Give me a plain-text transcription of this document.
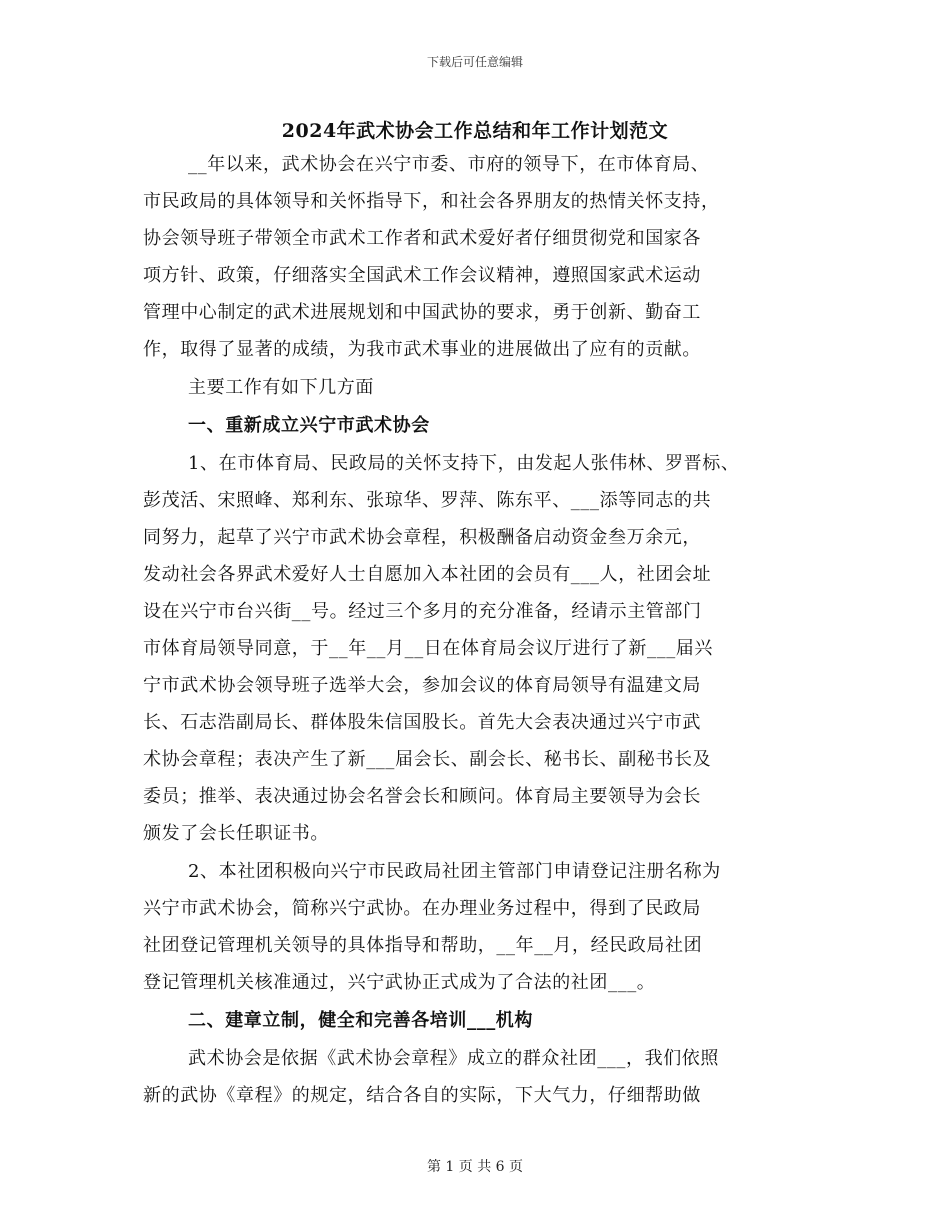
下载后可任意编辑
2024年武术协会工作总结和年工作计划范文
__年以来，武术协会在兴宁市委、市府的领导下，在市体育局、
市民政局的具体领导和关怀指导下，和社会各界朋友的热情关怀支持，
协会领导班子带领全市武术工作者和武术爱好者仔细贯彻党和国家各
项方针、政策，仔细落实全国武术工作会议精神，遵照国家武术运动
管理中心制定的武术进展规划和中国武协的要求，勇于创新、勤奋工
作，取得了显著的成绩，为我市武术事业的进展做出了应有的贡献。
主要工作有如下几方面
一、重新成立兴宁市武术协会
1、在市体育局、民政局的关怀支持下，由发起人张伟林、罗晋标、
彭茂活、宋照峰、郑利东、张琼华、罗萍、陈东平、___添等同志的共
同努力，起草了兴宁市武术协会章程，积极酬备启动资金叁万余元，
发动社会各界武术爱好人士自愿加入本社团的会员有___人，社团会址
设在兴宁市台兴街__号。经过三个多月的充分准备，经请示主管部门
市体育局领导同意，于__年__月__日在体育局会议厅进行了新___届兴
宁市武术协会领导班子选举大会，参加会议的体育局领导有温建文局
长、石志浩副局长、群体股朱信国股长。首先大会表决通过兴宁市武
术协会章程；表决产生了新___届会长、副会长、秘书长、副秘书长及
委员；推举、表决通过协会名誉会长和顾问。体育局主要领导为会长
颁发了会长任职证书。
2、本社团积极向兴宁市民政局社团主管部门申请登记注册名称为
兴宁市武术协会，简称兴宁武协。在办理业务过程中，得到了民政局
社团登记管理机关领导的具体指导和帮助，__年__月，经民政局社团
登记管理机关核准通过，兴宁武协正式成为了合法的社团___。
二、建章立制，健全和完善各培训___机构
武术协会是依据《武术协会章程》成立的群众社团___，我们依照
新的武协《章程》的规定，结合各自的实际，下大气力，仔细帮助做
第 1 页 共 6 页
